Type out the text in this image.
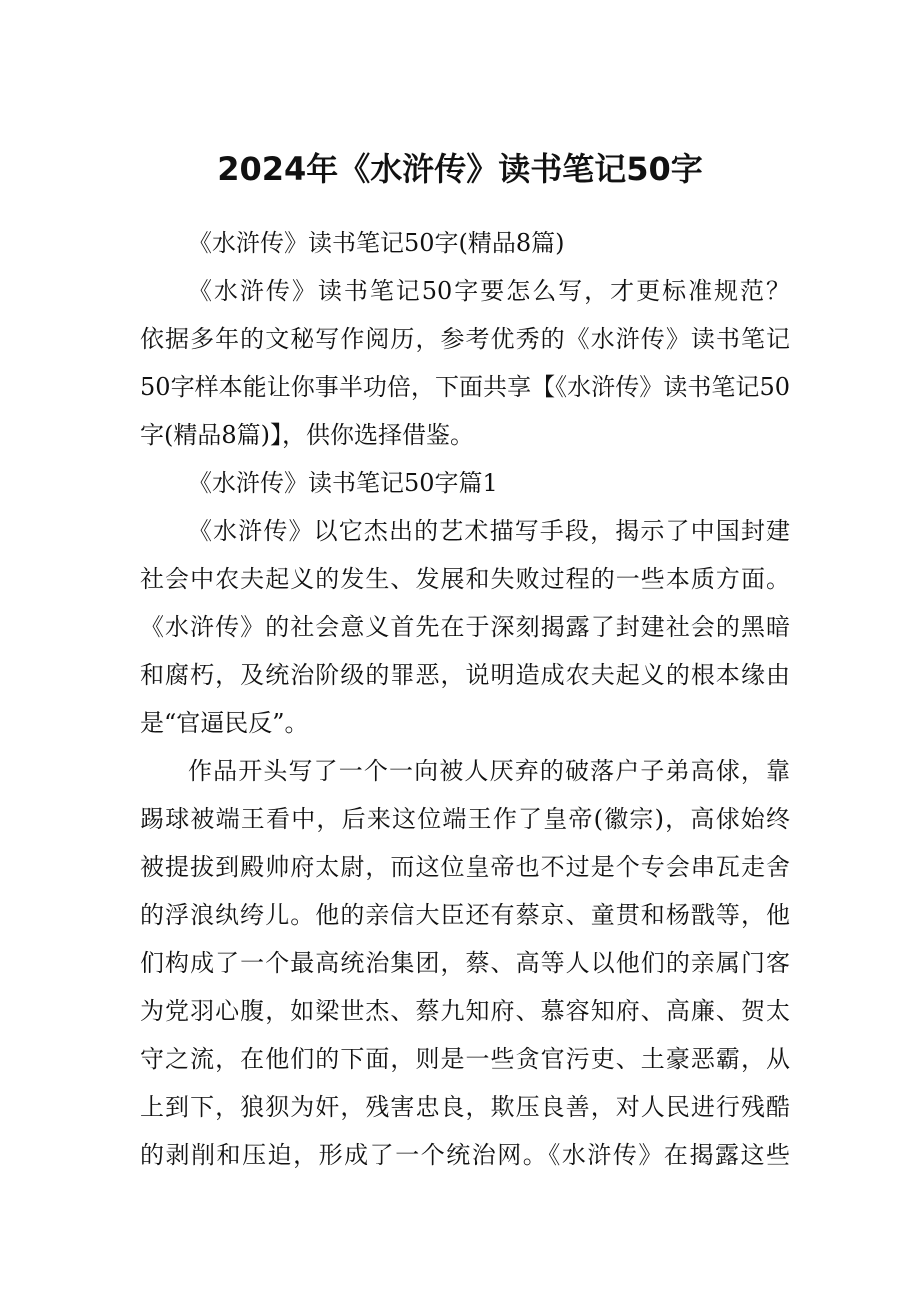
2024年《水浒传》读书笔记50字

《水浒传》读书笔记50字(精品8篇)

《水浒传》读书笔记50字要怎么写，才更标准规范？

依据多年的文秘写作阅历，参考优秀的《水浒传》读书笔记

50字样本能让你事半功倍，下面共享【《水浒传》读书笔记50

字(精品8篇)】，供你选择借鉴。

《水浒传》读书笔记50字篇1

《水浒传》以它杰出的艺术描写手段，揭示了中国封建

社会中农夫起义的发生、发展和失败过程的一些本质方面。

《水浒传》的社会意义首先在于深刻揭露了封建社会的黑暗

和腐朽，及统治阶级的罪恶，说明造成农夫起义的根本缘由

是“官逼民反”。

作品开头写了一个一向被人厌弃的破落户子弟高俅，靠

踢球被端王看中，后来这位端王作了皇帝(徽宗)，高俅始终

被提拔到殿帅府太尉，而这位皇帝也不过是个专会串瓦走舍

的浮浪纨绔儿。他的亲信大臣还有蔡京、童贯和杨戬等，他

们构成了一个最高统治集团，蔡、高等人以他们的亲属门客

为党羽心腹，如梁世杰、蔡九知府、慕容知府、高廉、贺太

守之流，在他们的下面，则是一些贪官污吏、土豪恶霸，从

上到下，狼狈为奸，残害忠良，欺压良善，对人民进行残酷

的剥削和压迫，形成了一个统治网。《水浒传》在揭露这些
